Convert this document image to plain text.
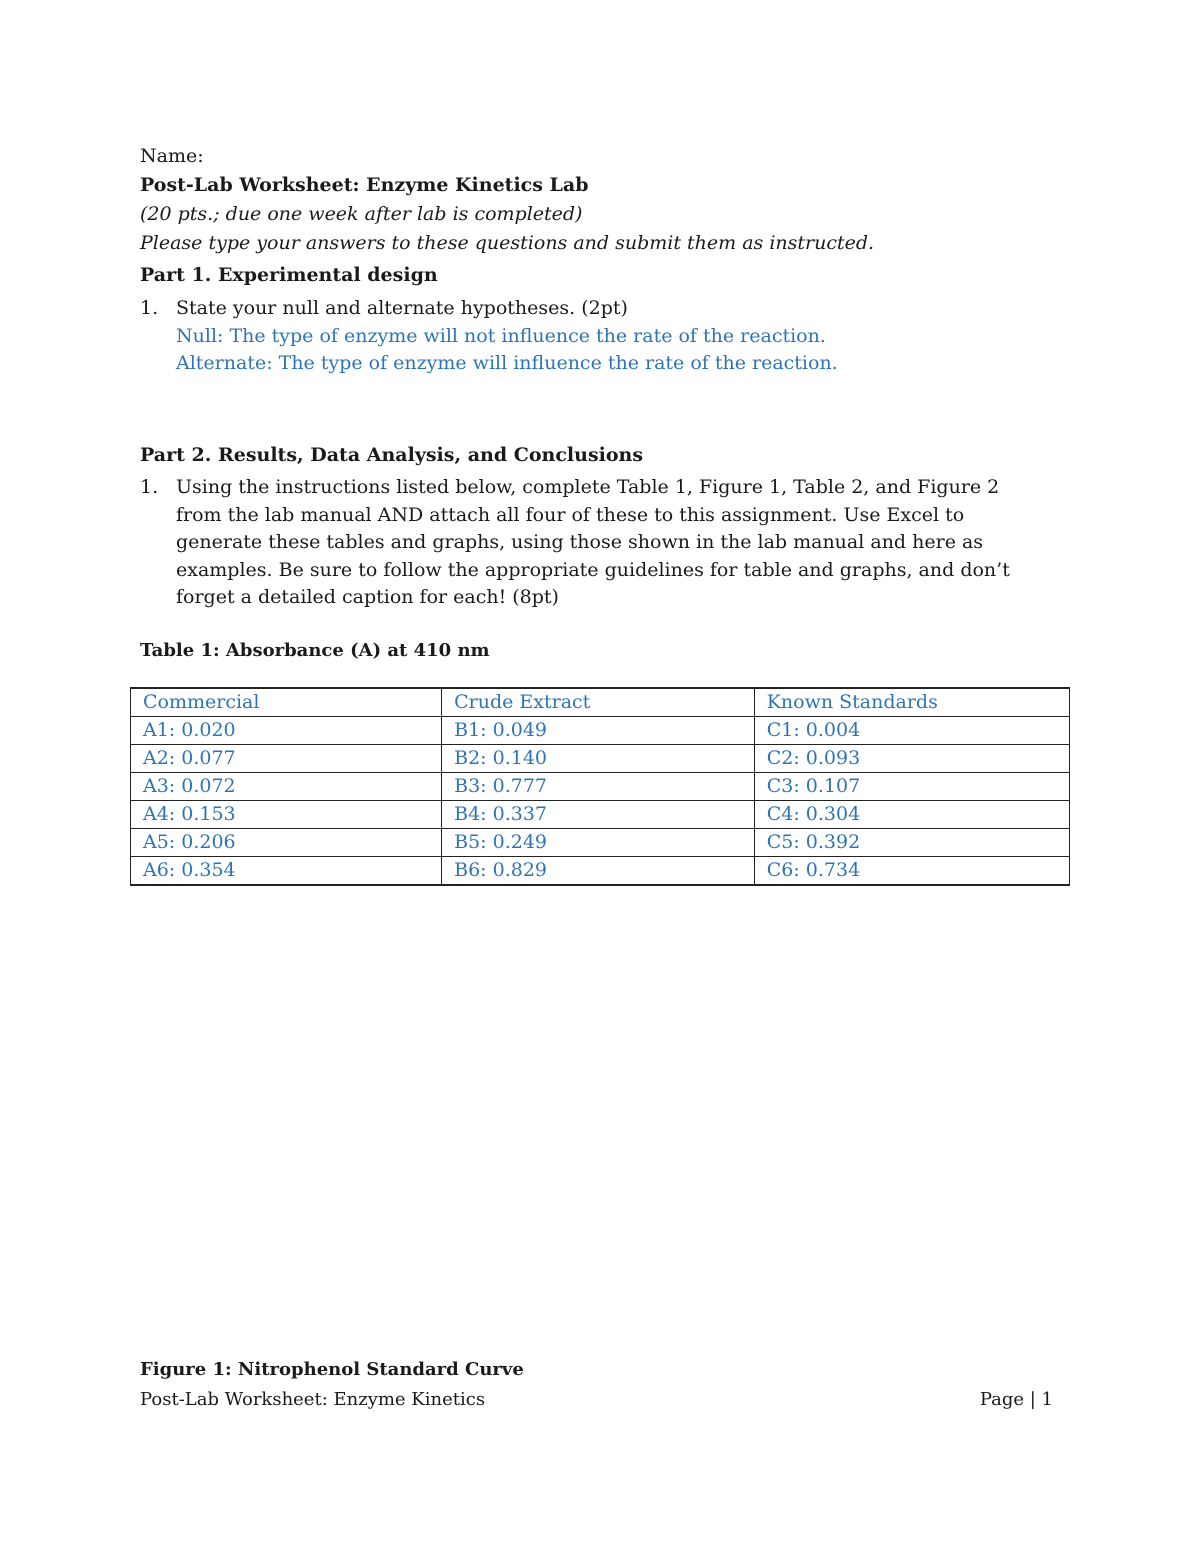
Name:
Post-Lab Worksheet: Enzyme Kinetics Lab
(20 pts.; due one week after lab is completed)
Please type your answers to these questions and submit them as instructed.
Part 1. Experimental design
1. State your null and alternate hypotheses. (2pt)
Null: The type of enzyme will not influence the rate of the reaction.
Alternate: The type of enzyme will influence the rate of the reaction.
Part 2. Results, Data Analysis, and Conclusions
1. Using the instructions listed below, complete Table 1, Figure 1, Table 2, and Figure 2
from the lab manual AND attach all four of these to this assignment. Use Excel to
generate these tables and graphs, using those shown in the lab manual and here as
examples. Be sure to follow the appropriate guidelines for table and graphs, and don’t
forget a detailed caption for each! (8pt)
Table 1: Absorbance (A) at 410 nm
Commercial	Crude Extract	Known Standards
A1: 0.020	B1: 0.049	C1: 0.004
A2: 0.077	B2: 0.140	C2: 0.093
A3: 0.072	B3: 0.777	C3: 0.107
A4: 0.153	B4: 0.337	C4: 0.304
A5: 0.206	B5: 0.249	C5: 0.392
A6: 0.354	B6: 0.829	C6: 0.734
Figure 1: Nitrophenol Standard Curve
Post-Lab Worksheet: Enzyme Kinetics	Page | 1
